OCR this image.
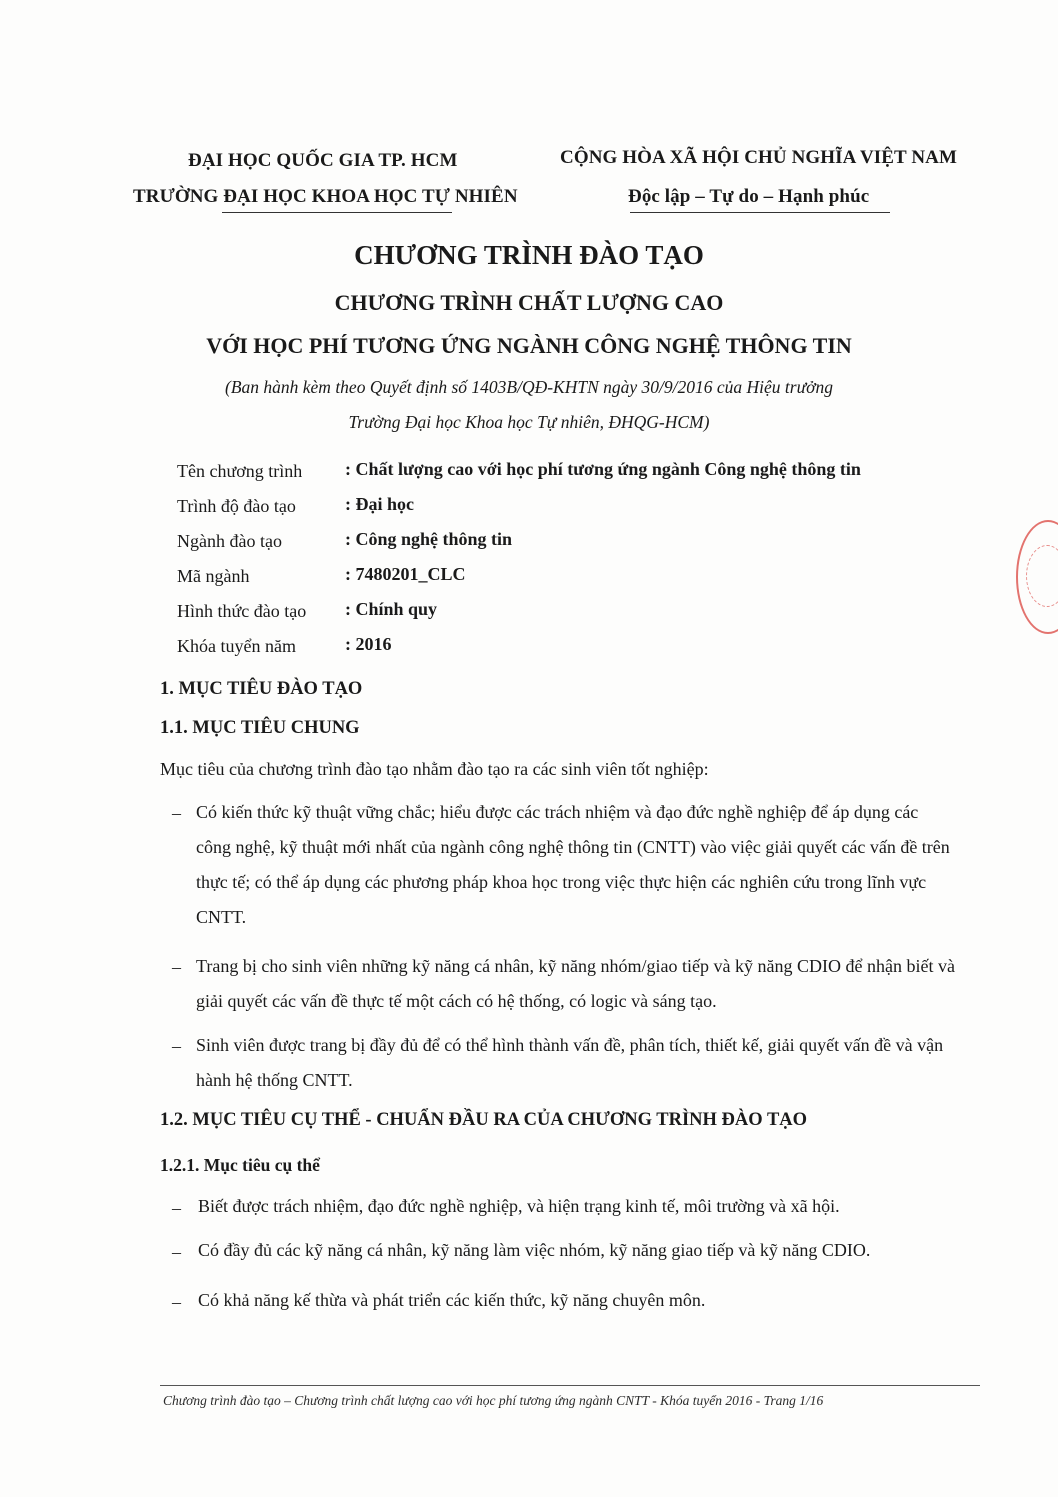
ĐẠI HỌC QUỐC GIA TP. HCM
TRƯỜNG ĐẠI HỌC KHOA HỌC TỰ NHIÊN
CỘNG HÒA XÃ HỘI CHỦ NGHĨA VIỆT NAM
Độc lập – Tự do – Hạnh phúc
CHƯƠNG TRÌNH ĐÀO TẠO
CHƯƠNG TRÌNH CHẤT LƯỢNG CAO
VỚI HỌC PHÍ TƯƠNG ỨNG NGÀNH CÔNG NGHỆ THÔNG TIN
(Ban hành kèm theo Quyết định số 1403B/QĐ-KHTN ngày 30/9/2016 của Hiệu trưởng
Trường Đại học Khoa học Tự nhiên, ĐHQG-HCM)
Tên chương trình : Chất lượng cao với học phí tương ứng ngành Công nghệ thông tin
Trình độ đào tạo	: Đại học
Ngành đào tạo	: Công nghệ thông tin
Mã ngành	: 7480201_CLC
Hình thức đào tạo : Chính quy
Khóa tuyển năm	: 2016
1. MỤC TIÊU ĐÀO TẠO
1.1. MỤC TIÊU CHUNG
Mục tiêu của chương trình đào tạo nhằm đào tạo ra các sinh viên tốt nghiệp:
– Có kiến thức kỹ thuật vững chắc; hiểu được các trách nhiệm và đạo đức nghề nghiệp để áp dụng các công nghệ, kỹ thuật mới nhất của ngành công nghệ thông tin (CNTT) vào việc giải quyết các vấn đề trên thực tế; có thể áp dụng các phương pháp khoa học trong việc thực hiện các nghiên cứu trong lĩnh vực CNTT.
– Trang bị cho sinh viên những kỹ năng cá nhân, kỹ năng nhóm/giao tiếp và kỹ năng CDIO để nhận biết và giải quyết các vấn đề thực tế một cách có hệ thống, có logic và sáng tạo.
– Sinh viên được trang bị đầy đủ để có thể hình thành vấn đề, phân tích, thiết kế, giải quyết vấn đề và vận hành hệ thống CNTT.
1.2. MỤC TIÊU CỤ THỂ - CHUẨN ĐẦU RA CỦA CHƯƠNG TRÌNH ĐÀO TẠO
1.2.1. Mục tiêu cụ thể
– Biết được trách nhiệm, đạo đức nghề nghiệp, và hiện trạng kinh tế, môi trường và xã hội.
– Có đầy đủ các kỹ năng cá nhân, kỹ năng làm việc nhóm, kỹ năng giao tiếp và kỹ năng CDIO.
– Có khả năng kế thừa và phát triển các kiến thức, kỹ năng chuyên môn.
Chương trình đào tạo – Chương trình chất lượng cao với học phí tương ứng ngành CNTT - Khóa tuyển 2016 - Trang 1/16
